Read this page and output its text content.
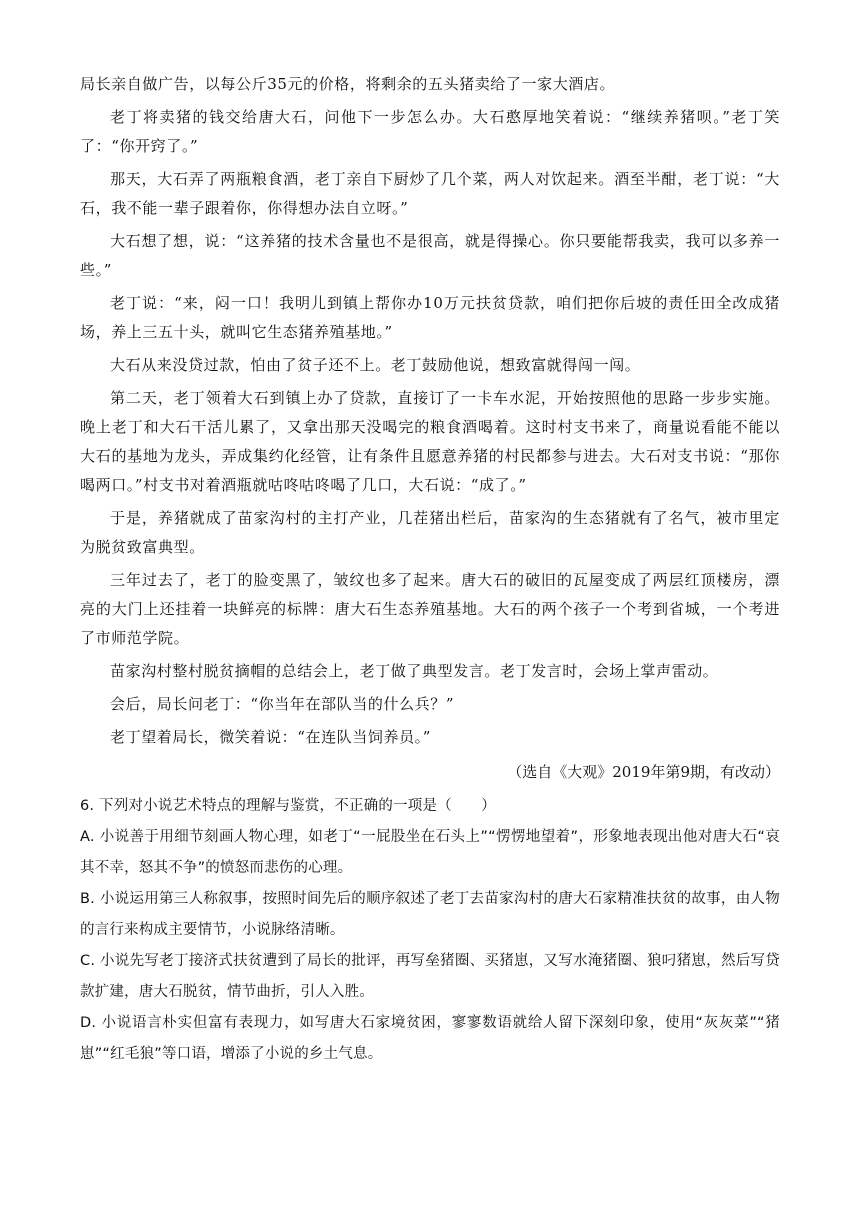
局长亲自做广告，以每公斤35元的价格，将剩余的五头猪卖给了一家大酒店。

老丁将卖猪的钱交给唐大石，问他下一步怎么办。大石憨厚地笑着说：“继续养猪呗。”老丁笑了：“你开窍了。”

那天，大石弄了两瓶粮食酒，老丁亲自下厨炒了几个菜，两人对饮起来。酒至半酣，老丁说：“大石，我不能一辈子跟着你，你得想办法自立呀。”

大石想了想，说：“这养猪的技术含量也不是很高，就是得操心。你只要能帮我卖，我可以多养一些。”

老丁说：“来，闷一口！我明儿到镇上帮你办10万元扶贫贷款，咱们把你后坡的责任田全改成猪场，养上三五十头，就叫它生态猪养殖基地。”

大石从来没贷过款，怕由了贫子还不上。老丁鼓励他说，想致富就得闯一闯。

第二天，老丁领着大石到镇上办了贷款，直接订了一卡车水泥，开始按照他的思路一步步实施。晚上老丁和大石干活儿累了，又拿出那天没喝完的粮食酒喝着。这时村支书来了，商量说看能不能以大石的基地为龙头，弄成集约化经管，让有条件且愿意养猪的村民都参与进去。大石对支书说：“那你喝两口。”村支书对着酒瓶就咕咚咕咚喝了几口，大石说：“成了。”

于是，养猪就成了苗家沟村的主打产业，几茬猪出栏后，苗家沟的生态猪就有了名气，被市里定为脱贫致富典型。

三年过去了，老丁的脸变黑了，皱纹也多了起来。唐大石的破旧的瓦屋变成了两层红顶楼房，漂亮的大门上还挂着一块鲜亮的标牌：唐大石生态养殖基地。大石的两个孩子一个考到省城，一个考进了市师范学院。

苗家沟村整村脱贫摘帽的总结会上，老丁做了典型发言。老丁发言时，会场上掌声雷动。

会后，局长问老丁：“你当年在部队当的什么兵？”

老丁望着局长，微笑着说：“在连队当饲养员。”

（选自《大观》2019年第9期，有改动）

6. 下列对小说艺术特点的理解与鉴赏，不正确的一项是（　　）

A. 小说善于用细节刻画人物心理，如老丁“一屁股坐在石头上”“愣愣地望着”，形象地表现出他对唐大石“哀其不幸，怒其不争”的愤怒而悲伤的心理。

B. 小说运用第三人称叙事，按照时间先后的顺序叙述了老丁去苗家沟村的唐大石家精准扶贫的故事，由人物的言行来构成主要情节，小说脉络清晰。

C. 小说先写老丁接济式扶贫遭到了局长的批评，再写垒猪圈、买猪崽，又写水淹猪圈、狼叼猪崽，然后写贷款扩建，唐大石脱贫，情节曲折，引人入胜。

D. 小说语言朴实但富有表现力，如写唐大石家境贫困，寥寥数语就给人留下深刻印象，使用“灰灰菜”“猪崽”“红毛狼”等口语，增添了小说的乡土气息。
